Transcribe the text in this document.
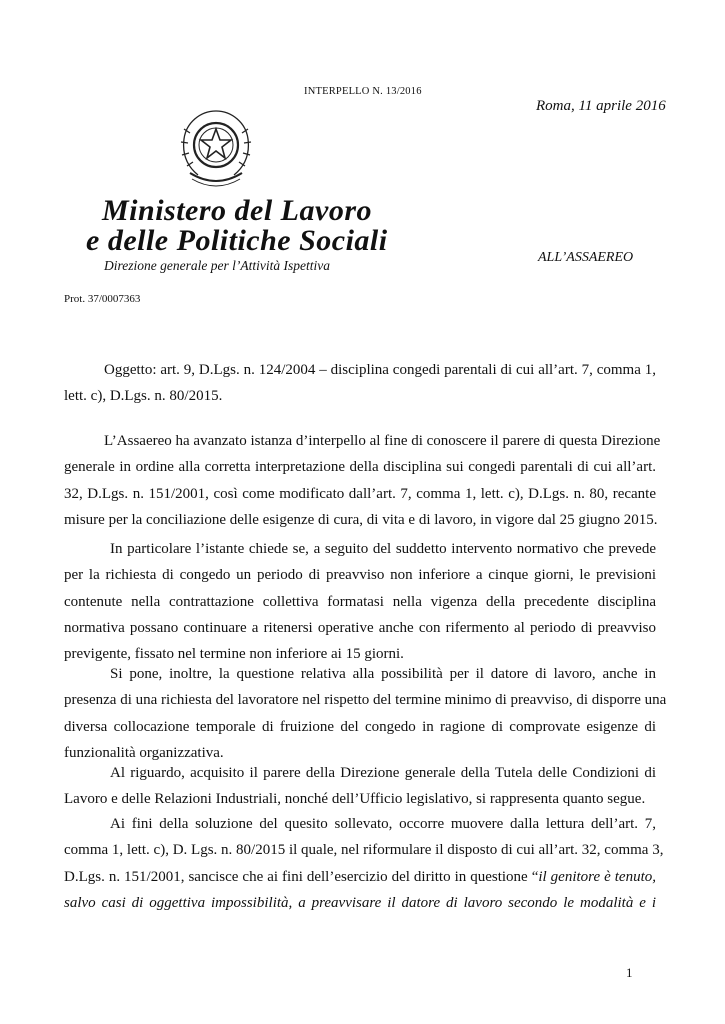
INTERPELLO N. 13/2016
Roma, 11 aprile 2016
Ministero del Lavoro
e delle Politiche Sociali
Direzione generale per l’Attività Ispettiva
ALL’ASSAEREO
Prot. 37/0007363
Oggetto: art. 9, D.Lgs. n. 124/2004 – disciplina congedi parentali di cui all’art. 7, comma 1,
lett. c), D.Lgs. n. 80/2015.
L’Assaereo ha avanzato istanza d’interpello al fine di conoscere il parere di questa Direzione
generale in ordine alla corretta interpretazione della disciplina sui congedi parentali di cui all’art.
32, D.Lgs. n. 151/2001, così come modificato dall’art. 7, comma 1, lett. c), D.Lgs. n. 80, recante
misure per la conciliazione delle esigenze di cura, di vita e di lavoro, in vigore dal 25 giugno 2015.
In particolare l’istante chiede se, a seguito del suddetto intervento normativo che prevede
per la richiesta di congedo un periodo di preavviso non inferiore a cinque giorni, le previsioni
contenute nella contrattazione collettiva formatasi nella vigenza della precedente disciplina
normativa possano continuare a ritenersi operative anche con rifermento al periodo di preavviso
previgente, fissato nel termine non inferiore ai 15 giorni.
Si pone, inoltre, la questione relativa alla possibilità per il datore di lavoro, anche in
presenza di una richiesta del lavoratore nel rispetto del termine minimo di preavviso, di disporre una
diversa collocazione temporale di fruizione del congedo in ragione di comprovate esigenze di
funzionalità organizzativa.
Al riguardo, acquisito il parere della Direzione generale della Tutela delle Condizioni di
Lavoro e delle Relazioni Industriali, nonché dell’Ufficio legislativo, si rappresenta quanto segue.
Ai fini della soluzione del quesito sollevato, occorre muovere dalla lettura dell’art. 7,
comma 1, lett. c), D. Lgs. n. 80/2015 il quale, nel riformulare il disposto di cui all’art. 32, comma 3,
D.Lgs. n. 151/2001, sancisce che ai fini dell’esercizio del diritto in questione “il genitore è tenuto,
salvo casi di oggettiva impossibilità, a preavvisare il datore di lavoro secondo le modalità e i
1
